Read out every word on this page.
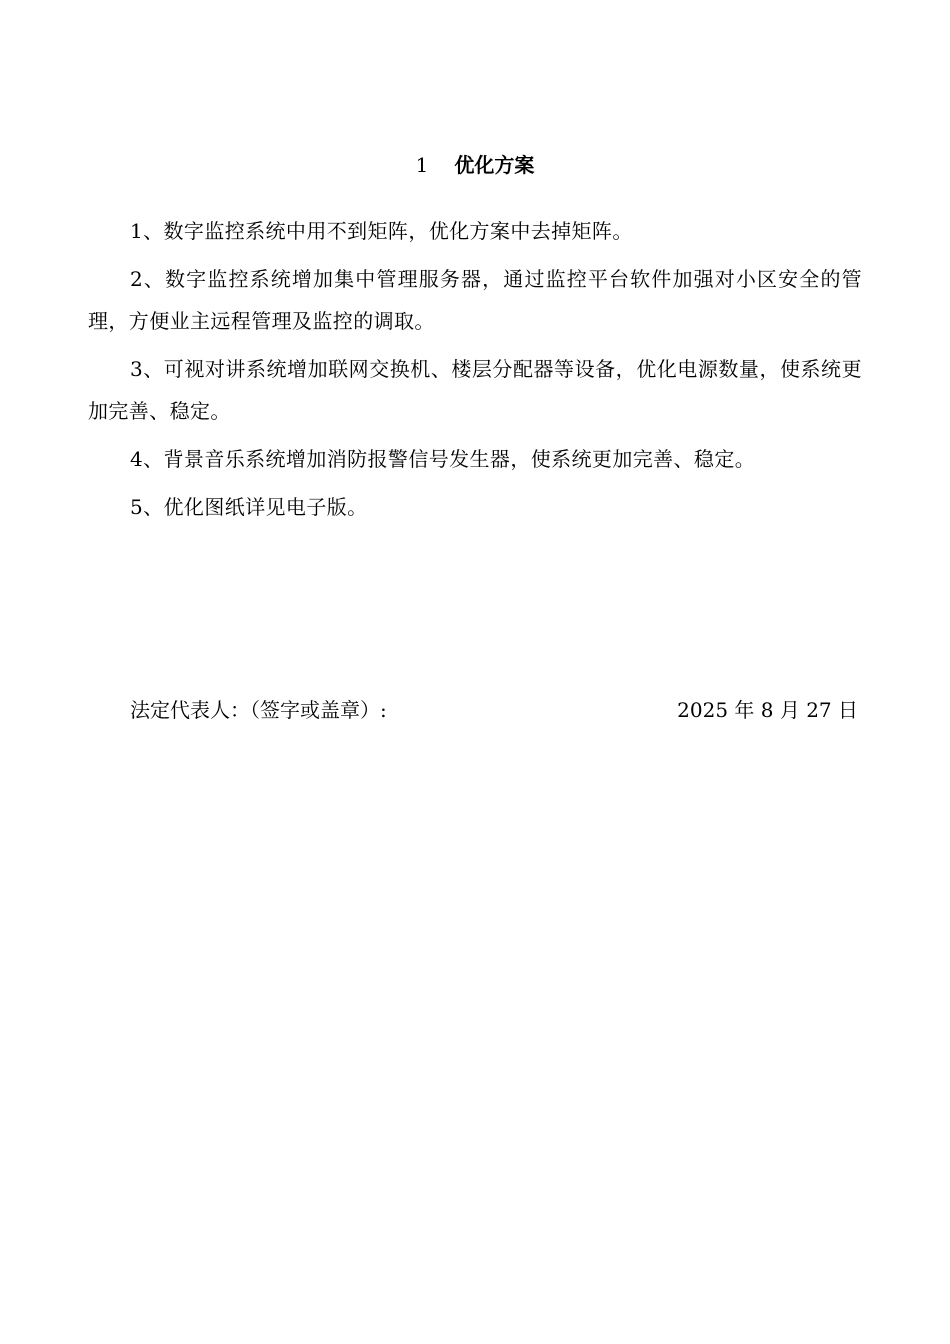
1 优化方案

1、数字监控系统中用不到矩阵，优化方案中去掉矩阵。

2、数字监控系统增加集中管理服务器，通过监控平台软件加强对小区安全的管理，方便业主远程管理及监控的调取。

3、可视对讲系统增加联网交换机、楼层分配器等设备，优化电源数量，使系统更加完善、稳定。

4、背景音乐系统增加消防报警信号发生器，使系统更加完善、稳定。

5、优化图纸详见电子版。

法定代表人：（签字或盖章）:	2025 年 8 月 27 日
